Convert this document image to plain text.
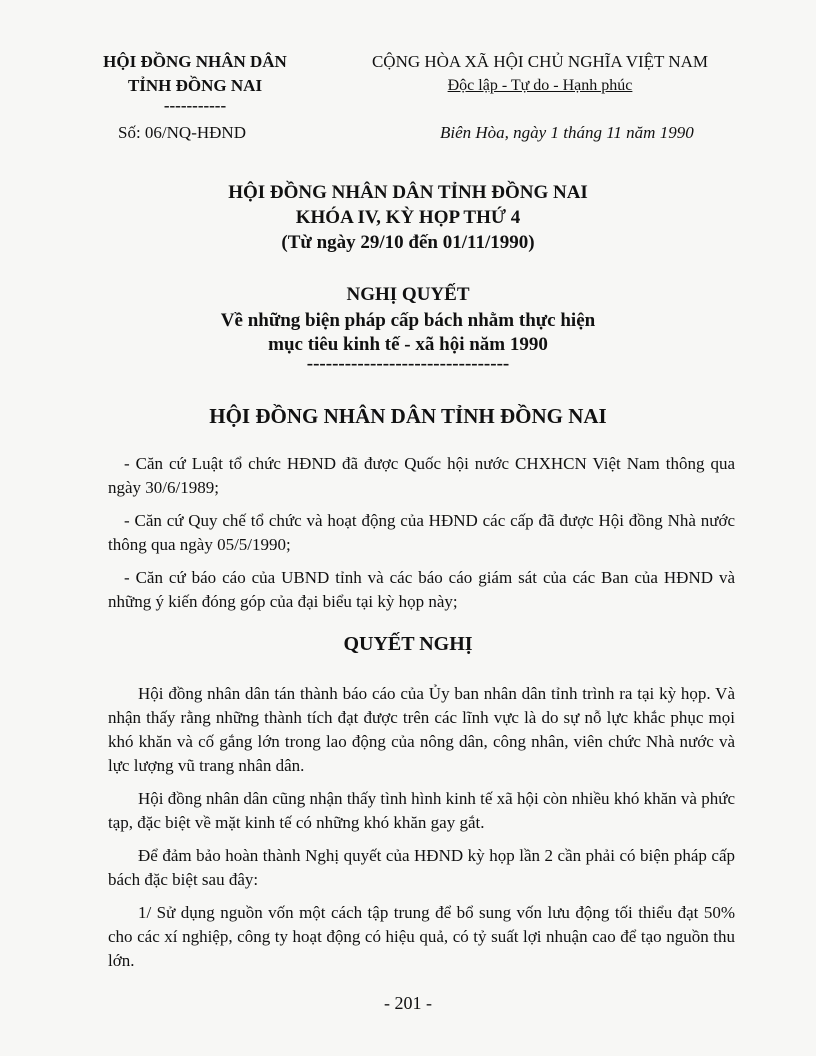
HỘI ĐỒNG NHÂN DÂN
TỈNH ĐỒNG NAI
-----------
CỘNG HÒA XÃ HỘI CHỦ NGHĨA VIỆT NAM
Độc lập - Tự do - Hạnh phúc
Số: 06/NQ-HĐND	Biên Hòa, ngày 1 tháng 11 năm 1990
HỘI ĐỒNG NHÂN DÂN TỈNH ĐỒNG NAI
KHÓA IV, KỲ HỌP THỨ 4
(Từ ngày 29/10 đến 01/11/1990)
NGHỊ QUYẾT
Về những biện pháp cấp bách nhằm thực hiện
mục tiêu kinh tế - xã hội năm 1990
--------------------------------
HỘI ĐỒNG NHÂN DÂN TỈNH ĐỒNG NAI

- Căn cứ Luật tổ chức HĐND đã được Quốc hội nước CHXHCN Việt Nam thông qua ngày 30/6/1989;

- Căn cứ Quy chế tổ chức và hoạt động của HĐND các cấp đã được Hội đồng Nhà nước thông qua ngày 05/5/1990;

- Căn cứ báo cáo của UBND tỉnh và các báo cáo giám sát của các Ban của HĐND và những ý kiến đóng góp của đại biểu tại kỳ họp này;

QUYẾT NGHỊ

Hội đồng nhân dân tán thành báo cáo của Ủy ban nhân dân tỉnh trình ra tại kỳ họp. Và nhận thấy rằng những thành tích đạt được trên các lĩnh vực là do sự nỗ lực khắc phục mọi khó khăn và cố gắng lớn trong lao động của nông dân, công nhân, viên chức Nhà nước và lực lượng vũ trang nhân dân.

Hội đồng nhân dân cũng nhận thấy tình hình kinh tế xã hội còn nhiều khó khăn và phức tạp, đặc biệt về mặt kinh tế có những khó khăn gay gắt.

Để đảm bảo hoàn thành Nghị quyết của HĐND kỳ họp lần 2 cần phải có biện pháp cấp bách đặc biệt sau đây:

1/ Sử dụng nguồn vốn một cách tập trung để bổ sung vốn lưu động tối thiểu đạt 50% cho các xí nghiệp, công ty hoạt động có hiệu quả, có tỷ suất lợi nhuận cao để tạo nguồn thu lớn.

- 201 -
